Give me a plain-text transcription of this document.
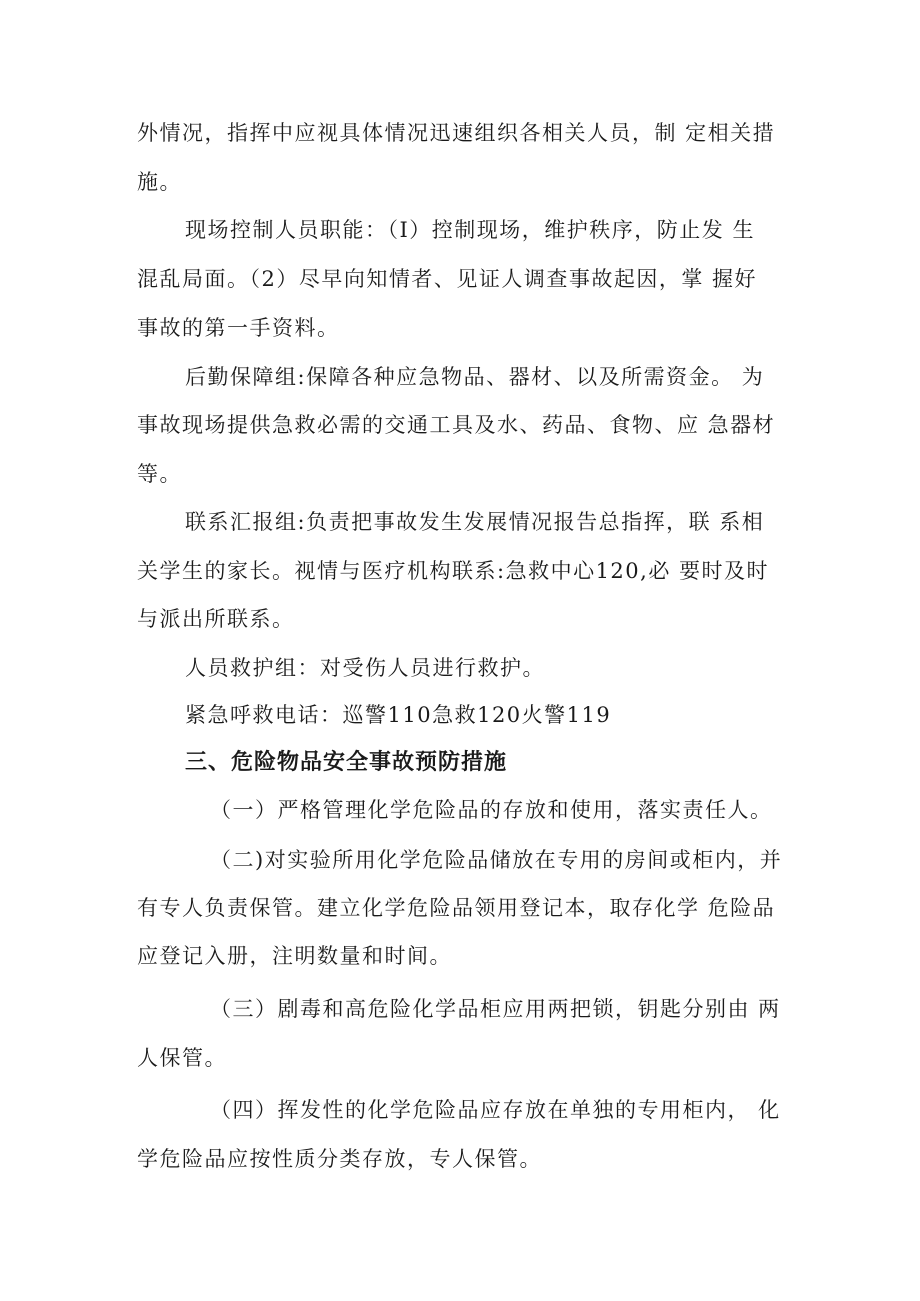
外情况，指挥中应视具体情况迅速组织各相关人员，制 定相关措
施。
现场控制人员职能：（I）控制现场，维护秩序，防止发 生
混乱局面。（2）尽早向知情者、见证人调查事故起因，掌 握好
事故的第一手资料。
后勤保障组:保障各种应急物品、器材、以及所需资金。 为
事故现场提供急救必需的交通工具及水、药品、食物、应 急器材
等。
联系汇报组:负责把事故发生发展情况报告总指挥，联 系相
关学生的家长。视情与医疗机构联系:急救中心120,必 要时及时
与派出所联系。
人员救护组：对受伤人员进行救护。
紧急呼救电话：巡警110急救120火警119
三、危险物品安全事故预防措施
（一）严格管理化学危险品的存放和使用，落实责任人。
（二)对实验所用化学危险品储放在专用的房间或柜内，并
有专人负责保管。建立化学危险品领用登记本，取存化学 危险品
应登记入册，注明数量和时间。
（三）剧毒和高危险化学品柜应用两把锁，钥匙分别由 两
人保管。
（四）挥发性的化学危险品应存放在单独的专用柜内， 化
学危险品应按性质分类存放，专人保管。
